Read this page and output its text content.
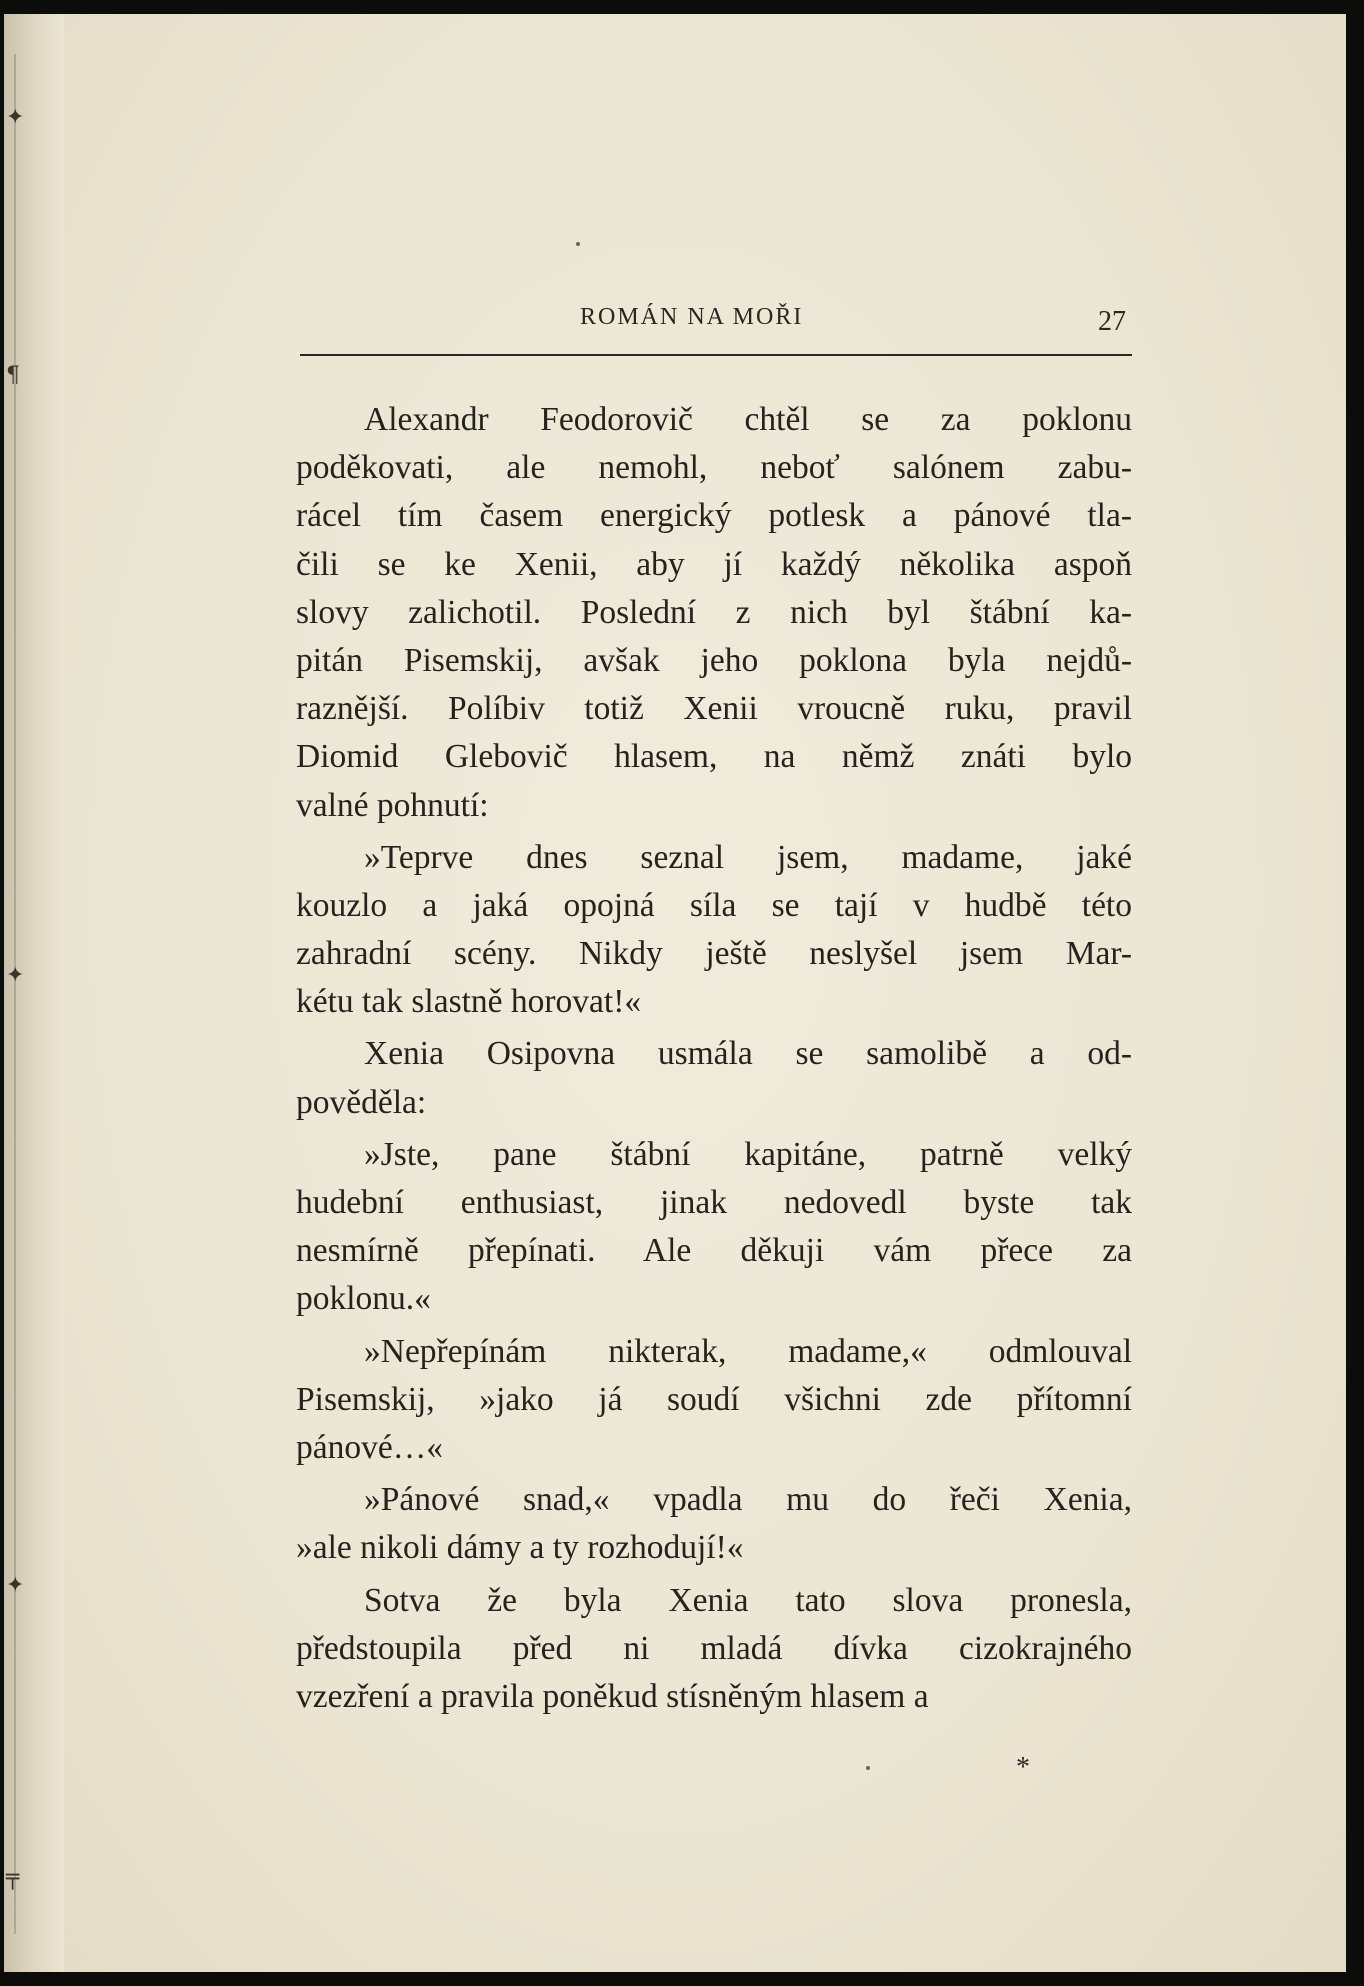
✦
¶
✦
✦
╤
ROMÁN NA MOŘI	27
Alexandr Feodorovič chtěl se za poklonu
poděkovati, ale nemohl, neboť salónem zabu-
rácel tím časem energický potlesk a pánové tla-
čili se ke Xenii, aby jí každý několika aspoň
slovy zalichotil. Poslední z nich byl štábní ka-
pitán Pisemskij, avšak jeho poklona byla nejdů-
raznější. Políbiv totiž Xenii vroucně ruku, pravil
Diomid Glebovič hlasem, na němž znáti bylo
valné pohnutí:
»Teprve dnes seznal jsem, madame, jaké
kouzlo a jaká opojná síla se tají v hudbě této
zahradní scény. Nikdy ještě neslyšel jsem Mar-
kétu tak slastně horovat!«
Xenia Osipovna usmála se samolibě a od-
pověděla:
»Jste, pane štábní kapitáne, patrně velký
hudební enthusiast, jinak nedovedl byste tak
nesmírně přepínati. Ale děkuji vám přece za
poklonu.«
»Nepřepínám nikterak, madame,« odmlouval
Pisemskij, »jako já soudí všichni zde přítomní
pánové…«
»Pánové snad,« vpadla mu do řeči Xenia,
»ale nikoli dámy a ty rozhodují!«
Sotva že byla Xenia tato slova pronesla,
předstoupila před ni mladá dívka cizokrajného
vzezření a pravila poněkud stísněným hlasem a
*
